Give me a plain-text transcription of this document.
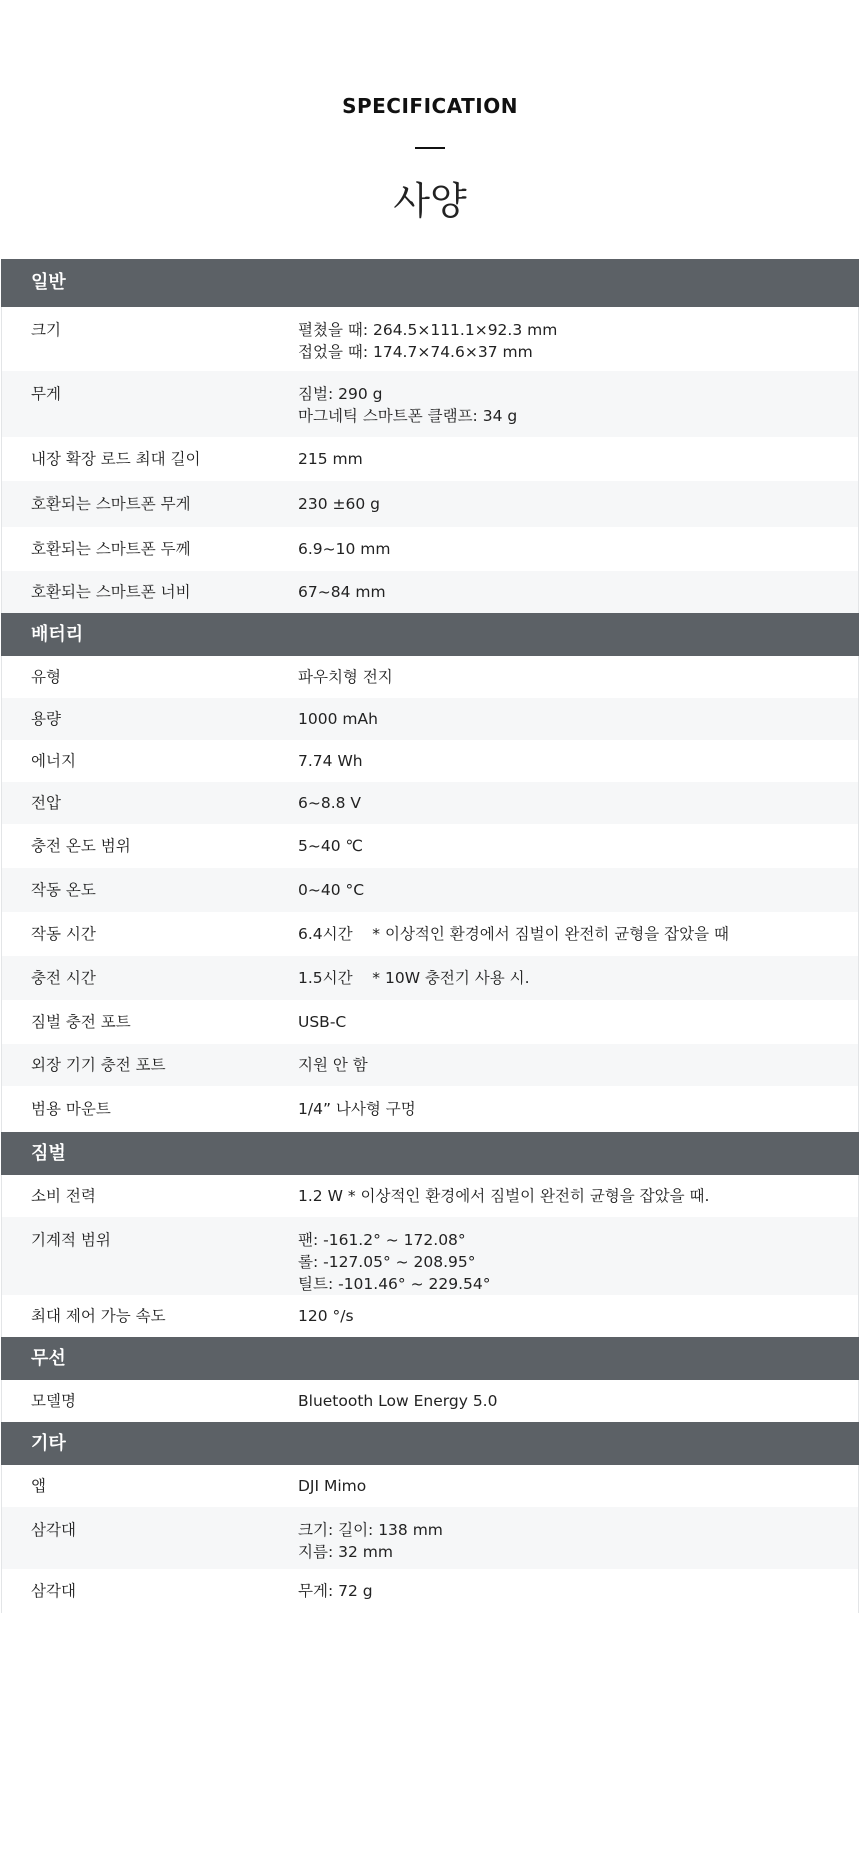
SPECIFICATION
사양
일반
크기	펼쳤을 때: 264.5×111.1×92.3 mm
접었을 때: 174.7×74.6×37 mm
무게	짐벌: 290 g
마그네틱 스마트폰 클램프: 34 g
내장 확장 로드 최대 길이	215 mm
호환되는 스마트폰 무게	230 ±60 g
호환되는 스마트폰 두께	6.9~10 mm
호환되는 스마트폰 너비	67~84 mm
배터리
유형	파우치형 전지
용량	1000 mAh
에너지	7.74 Wh
전압	6~8.8 V
충전 온도 범위	5~40 ℃
작동 온도	0~40 °C
작동 시간	6.4시간    * 이상적인 환경에서 짐벌이 완전히 균형을 잡았을 때
충전 시간	1.5시간    * 10W 충전기 사용 시.
짐벌 충전 포트	USB-C
외장 기기 충전 포트	지원 안 함
범용 마운트	1/4” 나사형 구멍
짐벌
소비 전력	1.2 W * 이상적인 환경에서 짐벌이 완전히 균형을 잡았을 때.
기계적 범위	팬: -161.2° ~ 172.08°
롤: -127.05° ~ 208.95°
틸트: -101.46° ~ 229.54°
최대 제어 가능 속도	120 °/s
무선
모델명	Bluetooth Low Energy 5.0
기타
앱	DJI Mimo
삼각대	크기: 길이: 138 mm
지름: 32 mm
삼각대	무게: 72 g
